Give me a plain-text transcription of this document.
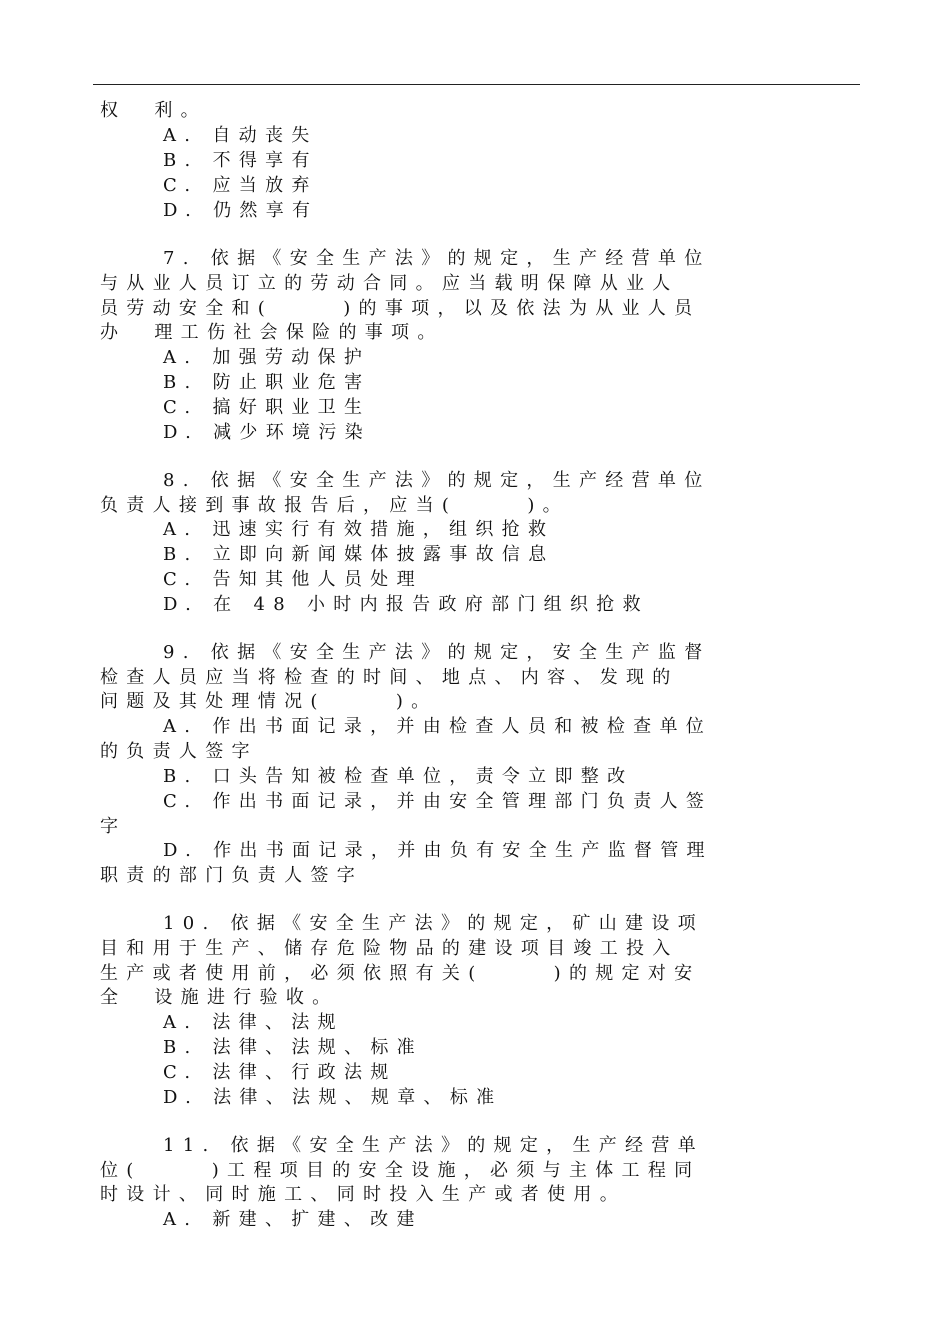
权  利。
A. 自动丧失
B. 不得享有
C. 应当放弃
D. 仍然享有
7. 依据《安全生产法》的规定，生产经营单位
与从业人员订立的劳动合同。应当载明保障从业人
员劳动安全和(     )的事项，以及依法为从业人员
办  理工伤社会保险的事项。
A. 加强劳动保护
B. 防止职业危害
C. 搞好职业卫生
D. 减少环境污染
8. 依据《安全生产法》的规定，生产经营单位
负责人接到事故报告后，应当(     )。
A. 迅速实行有效措施，组织抢救
B. 立即向新闻媒体披露事故信息
C. 告知其他人员处理
D. 在 48 小时内报告政府部门组织抢救
9. 依据《安全生产法》的规定，安全生产监督
检查人员应当将检查的时间、地点、内容、发现的
问题及其处理情况(     )。
A. 作出书面记录，并由检查人员和被检查单位
的负责人签字
B. 口头告知被检查单位，责令立即整改
C. 作出书面记录，并由安全管理部门负责人签
字
D. 作出书面记录，并由负有安全生产监督管理
职责的部门负责人签字
10. 依据《安全生产法》的规定，矿山建设项
目和用于生产、储存危险物品的建设项目竣工投入
生产或者使用前，必须依照有关(     )的规定对安
全  设施进行验收。
A. 法律、法规
B. 法律、法规、标准
C. 法律、行政法规
D. 法律、法规、规章、标准
11. 依据《安全生产法》的规定，生产经营单
位(     )工程项目的安全设施，必须与主体工程同
时设计、同时施工、同时投入生产或者使用。
A. 新建、扩建、改建
